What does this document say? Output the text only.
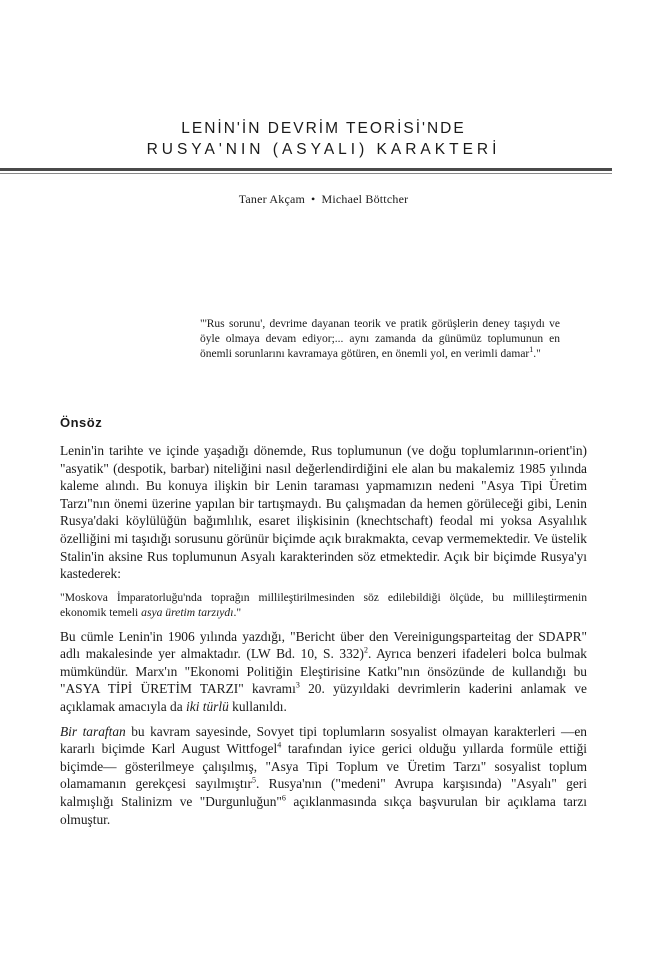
LENİN'İN DEVRİM TEORİSİ'NDE
RUSYA'NIN (ASYALI) KARAKTERİ
Taner Akçam • Michael Böttcher
"'Rus sorunu', devrime dayanan teorik ve pratik görüşlerin deney taşıydı ve öyle olmaya devam ediyor;... aynı zamanda da günümüz toplumunun en önemli sorunlarını kavramaya götüren, en önemli yol, en verimli damar$^1$."
Önsöz

Lenin'in tarihte ve içinde yaşadığı dönemde, Rus toplumunun (ve doğu toplumlarının-orient'in) "asyatik" (despotik, barbar) niteliğini nasıl değerlendirdiğini ele alan bu makalemiz 1985 yılında kaleme alındı. Bu konuya ilişkin bir Lenin taraması yapmamızın nedeni "Asya Tipi Üretim Tarzı"nın önemi üzerine yapılan bir tartışmaydı. Bu çalışmadan da hemen görüleceği gibi, Lenin Rusya'daki köylülüğün bağımlılık, esaret ilişkisinin (knechtschaft) feodal mi yoksa Asyalılık özelliğini mi taşıdığı sorusunu görünür biçimde açık bırakmakta, cevap vermemektedir. Ve üstelik Stalin'in aksine Rus toplumunun Asyalı karakterinden söz etmektedir. Açık bir biçimde Rusya'yı kastederek:

"Moskova İmparatorluğu'nda toprağın millileştirilmesinden söz edilebildiği ölçüde, bu millileştirmenin ekonomik temeli asya üretim tarzıydı."

Bu cümle Lenin'in 1906 yılında yazdığı, "Bericht über den Vereinigungsparteitag der SDAPR" adlı makalesinde yer almaktadır. (LW Bd. 10, S. 332)$^2$. Ayrıca benzeri ifadeleri bolca bulmak mümkündür. Marx'ın "Ekonomi Politiğin Eleştirisine Katkı"nın önsözünde de kullandığı bu "ASYA TİPİ ÜRETİM TARZI" kavramı$^3$ 20. yüzyıldaki devrimlerin kaderini anlamak ve açıklamak amacıyla da iki türlü kullanıldı.

Bir taraftan bu kavram sayesinde, Sovyet tipi toplumların sosyalist olmayan karakterleri —en kararlı biçimde Karl August Wittfogel$^4$ tarafından iyice gerici olduğu yıllarda formüle ettiği biçimde— gösterilmeye çalışılmış, "Asya Tipi Toplum ve Üretim Tarzı" sosyalist toplum olamamanın gerekçesi sayılmıştır$^5$. Rusya'nın ("medeni" Avrupa karşısında) "Asyalı" geri kalmışlığı Stalinizm ve "Durgunluğun"$^6$ açıklanmasında sıkça başvurulan bir açıklama tarzı olmuştur.
